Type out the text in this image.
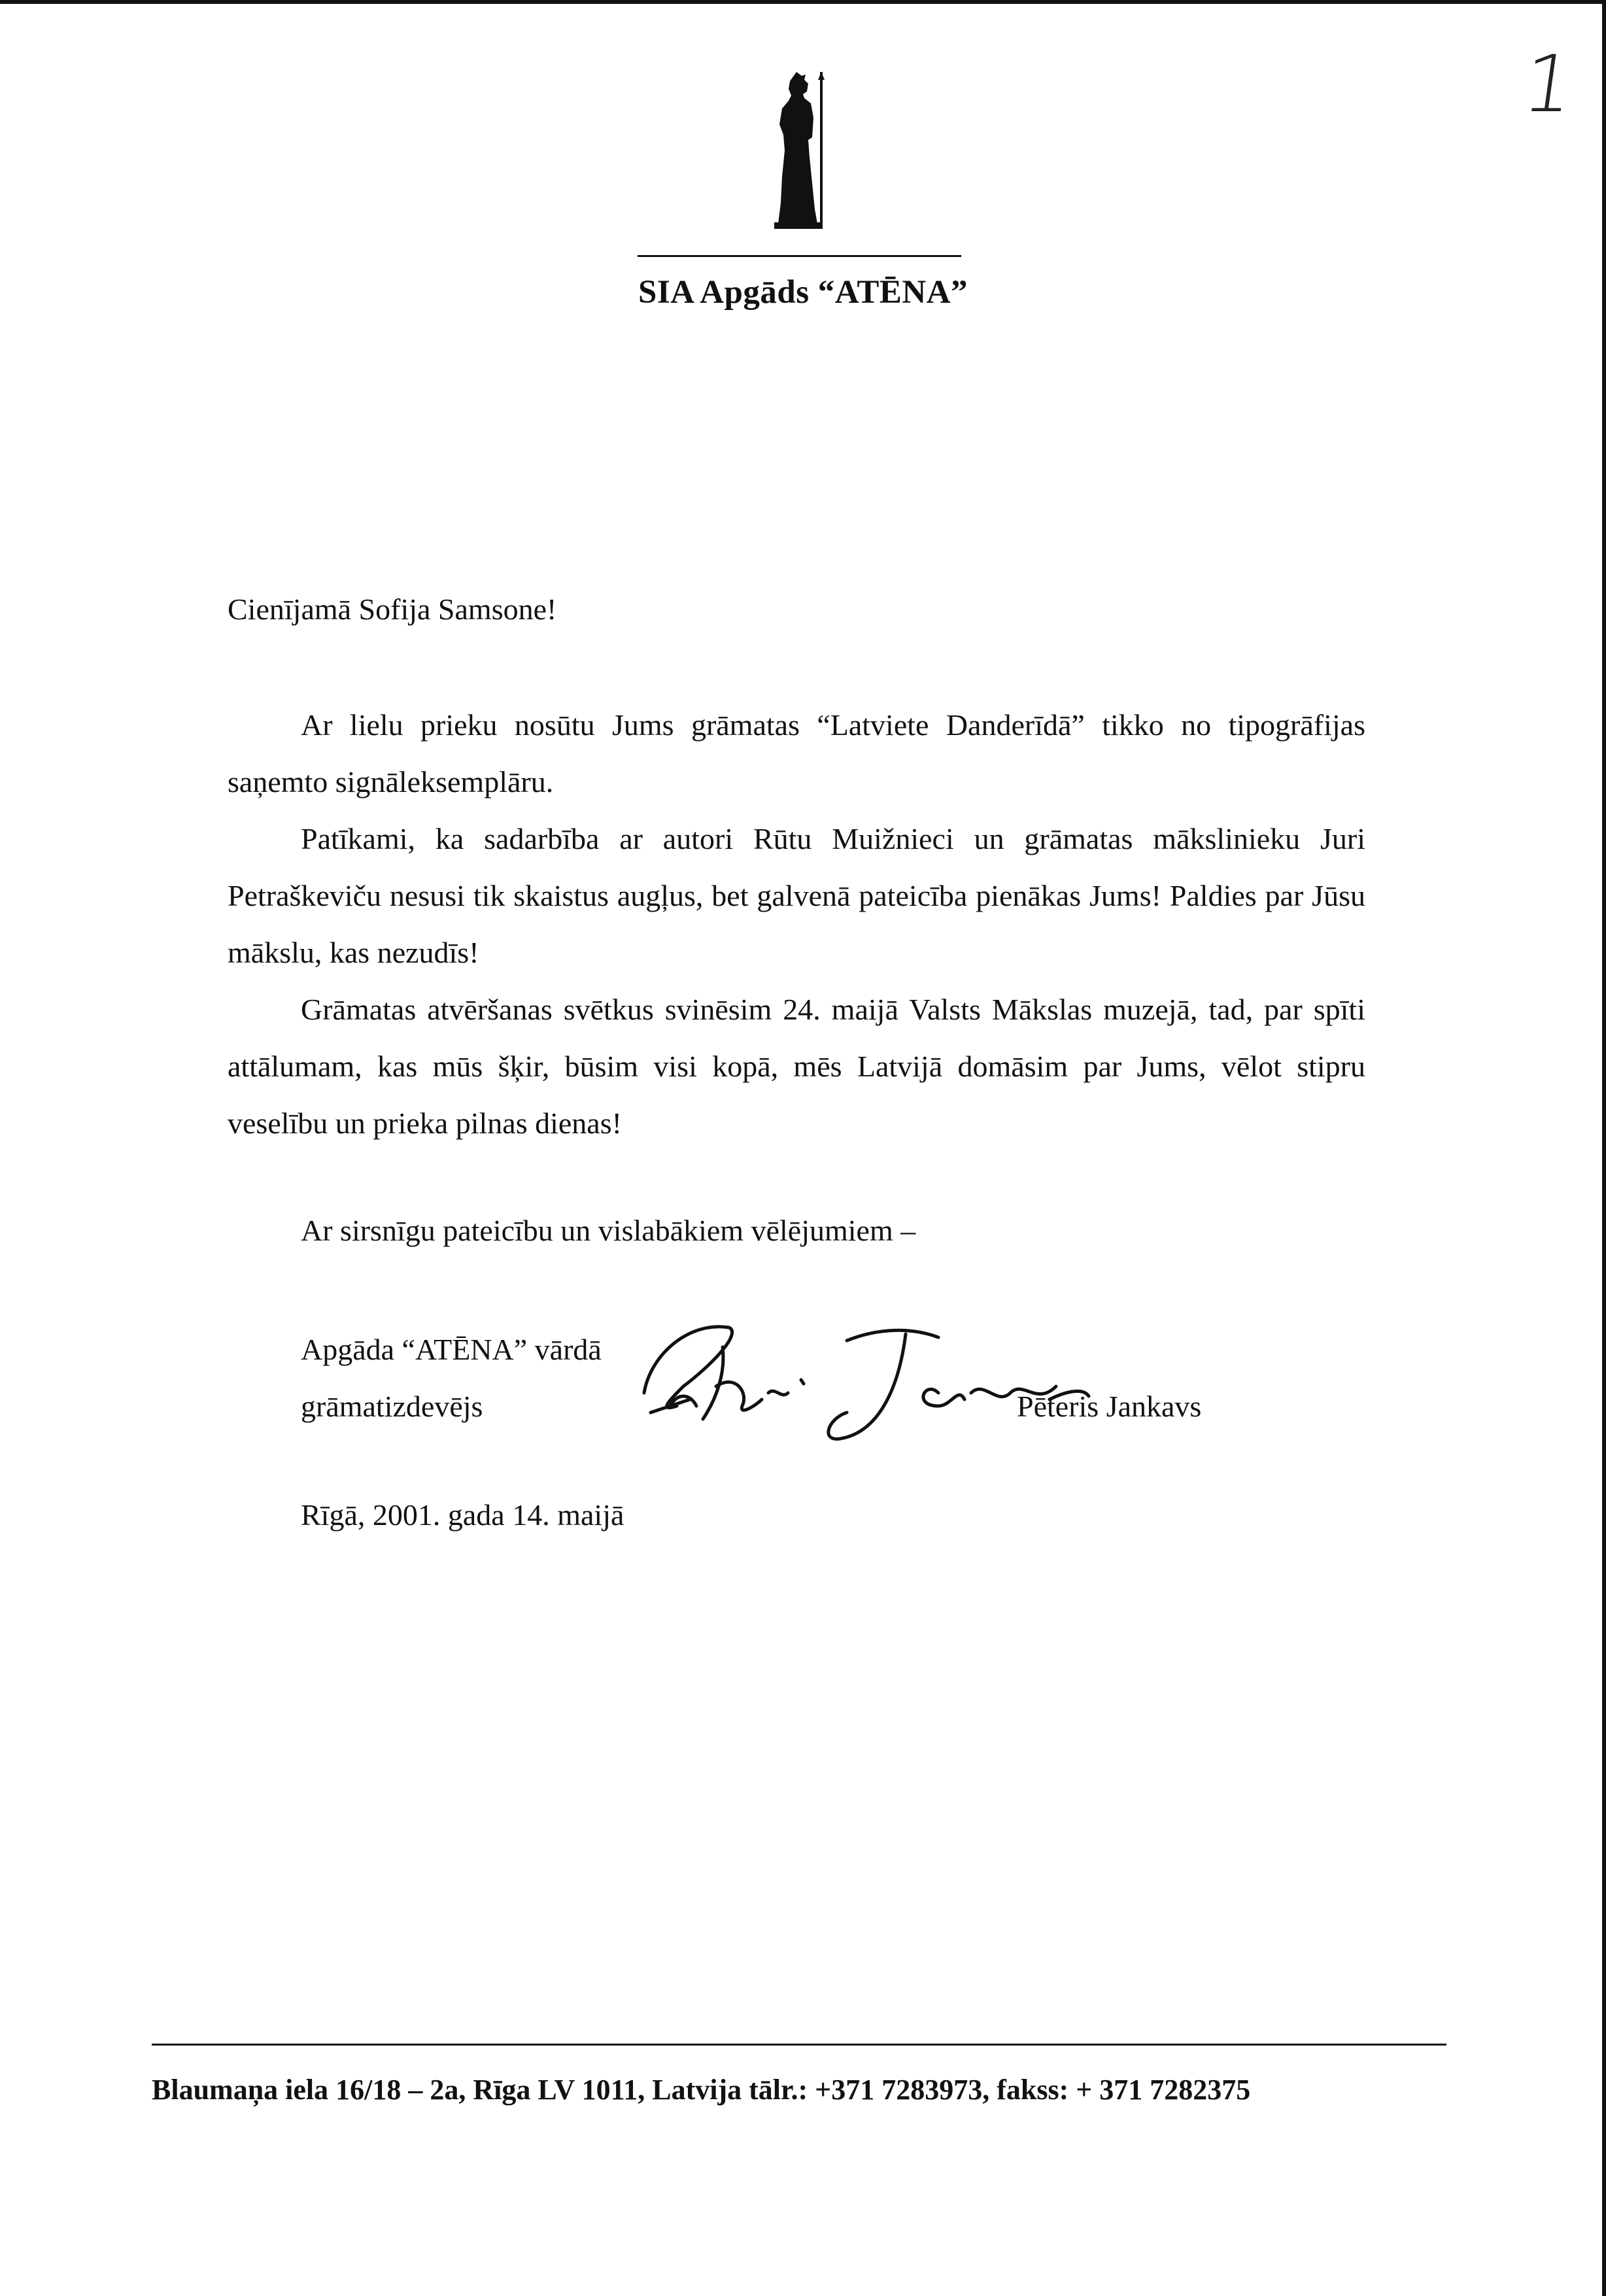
1
SIA Apgāds “ATĒNA”
Cienījamā Sofija Samsone!

Ar lielu prieku nosūtu Jums grāmatas “Latviete Danderīdā” tikko no tipogrāfijas saņemto signāleksemplāru.

Patīkami, ka sadarbība ar autori Rūtu Muižnieci un grāmatas mākslinieku Juri Petraškeviču nesusi tik skaistus augļus, bet galvenā pateicība pienākas Jums! Paldies par Jūsu mākslu, kas nezudīs!

Grāmatas atvēršanas svētkus svinēsim 24. maijā Valsts Mākslas muzejā, tad, par spīti attālumam, kas mūs šķir, būsim visi kopā, mēs Latvijā domāsim par Jums, vēlot stipru veselību un prieka pilnas dienas!

Ar sirsnīgu pateicību un vislabākiem vēlējumiem –
Apgāda “ATĒNA” vārdā
grāmatizdevējs	Pēteris Jankavs
Rīgā, 2001. gada 14. maijā
Blaumaņa iela 16/18 – 2a, Rīga LV 1011, Latvija tālr.: +371 7283973, fakss: + 371 7282375
